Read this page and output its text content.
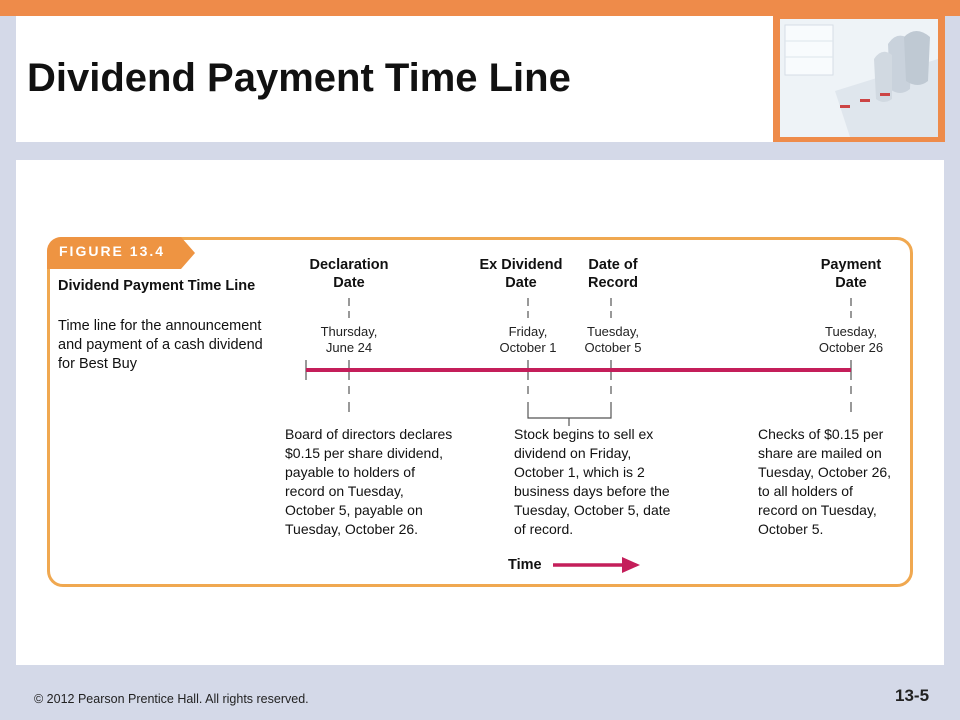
Dividend Payment Time Line
FIGURE 13.4
Dividend Payment Time Line
Time line for the announcement and payment of a cash dividend for Best Buy
Declaration
Date
Ex Dividend
Date
Date of
Record
Payment
Date
Thursday,
June 24
Friday,
October 1
Tuesday,
October 5
Tuesday,
October 26
Board of directors declares
$0.15 per share dividend,
payable to holders of
record on Tuesday,
October 5, payable on
Tuesday, October 26.
Stock begins to sell ex
dividend on Friday,
October 1, which is 2
business days before the
Tuesday, October 5, date
of record.
Checks of $0.15 per
share are mailed on
Tuesday, October 26,
to all holders of
record on Tuesday,
October 5.
Time
© 2012 Pearson Prentice Hall. All rights reserved.	13-5
